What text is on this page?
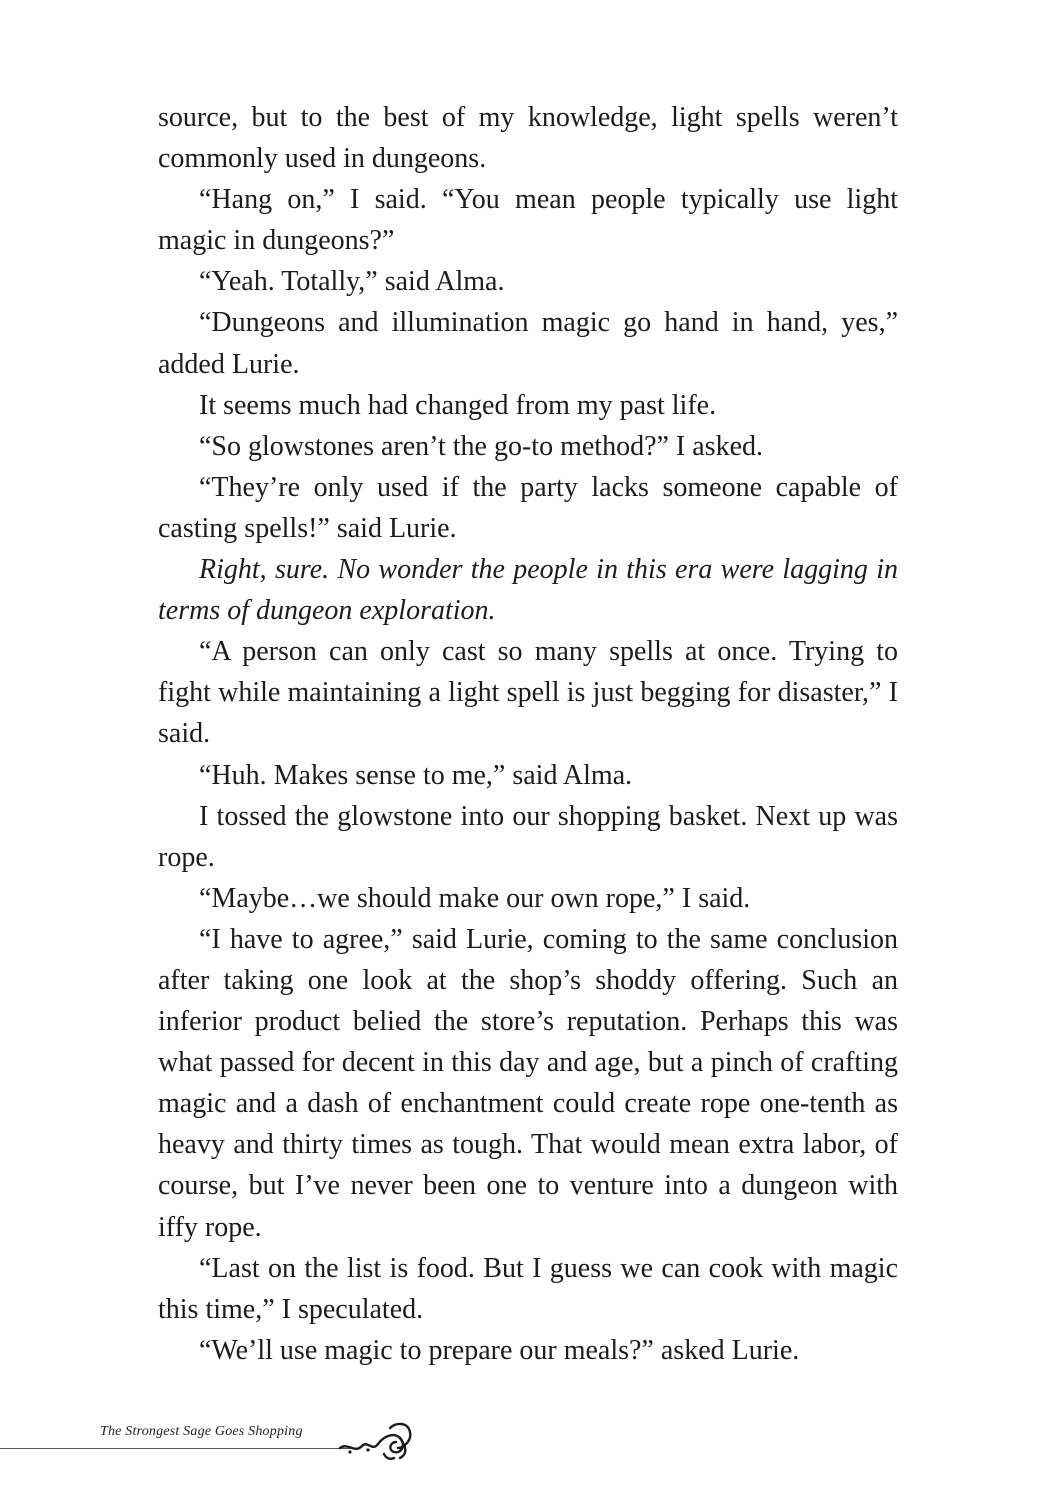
source, but to the best of my knowledge, light spells weren’t commonly used in dungeons.

“Hang on,” I said. “You mean people typically use light magic in dungeons?”

“Yeah. Totally,” said Alma.

“Dungeons and illumination magic go hand in hand, yes,” added Lurie.

It seems much had changed from my past life.

“So glowstones aren’t the go-to method?” I asked.

“They’re only used if the party lacks someone capable of casting spells!” said Lurie.

Right, sure. No wonder the people in this era were lagging in terms of dungeon exploration.

“A person can only cast so many spells at once. Trying to fight while maintaining a light spell is just begging for disaster,” I said.

“Huh. Makes sense to me,” said Alma.

I tossed the glowstone into our shopping basket. Next up was rope.

“Maybe…we should make our own rope,” I said.

“I have to agree,” said Lurie, coming to the same conclusion after taking one look at the shop’s shoddy offering. Such an inferior product belied the store’s reputation. Perhaps this was what passed for decent in this day and age, but a pinch of crafting magic and a dash of enchantment could create rope one-tenth as heavy and thirty times as tough. That would mean extra labor, of course, but I’ve never been one to venture into a dungeon with iffy rope.

“Last on the list is food. But I guess we can cook with magic this time,” I speculated.

“We’ll use magic to prepare our meals?” asked Lurie.

The Strongest Sage Goes Shopping
